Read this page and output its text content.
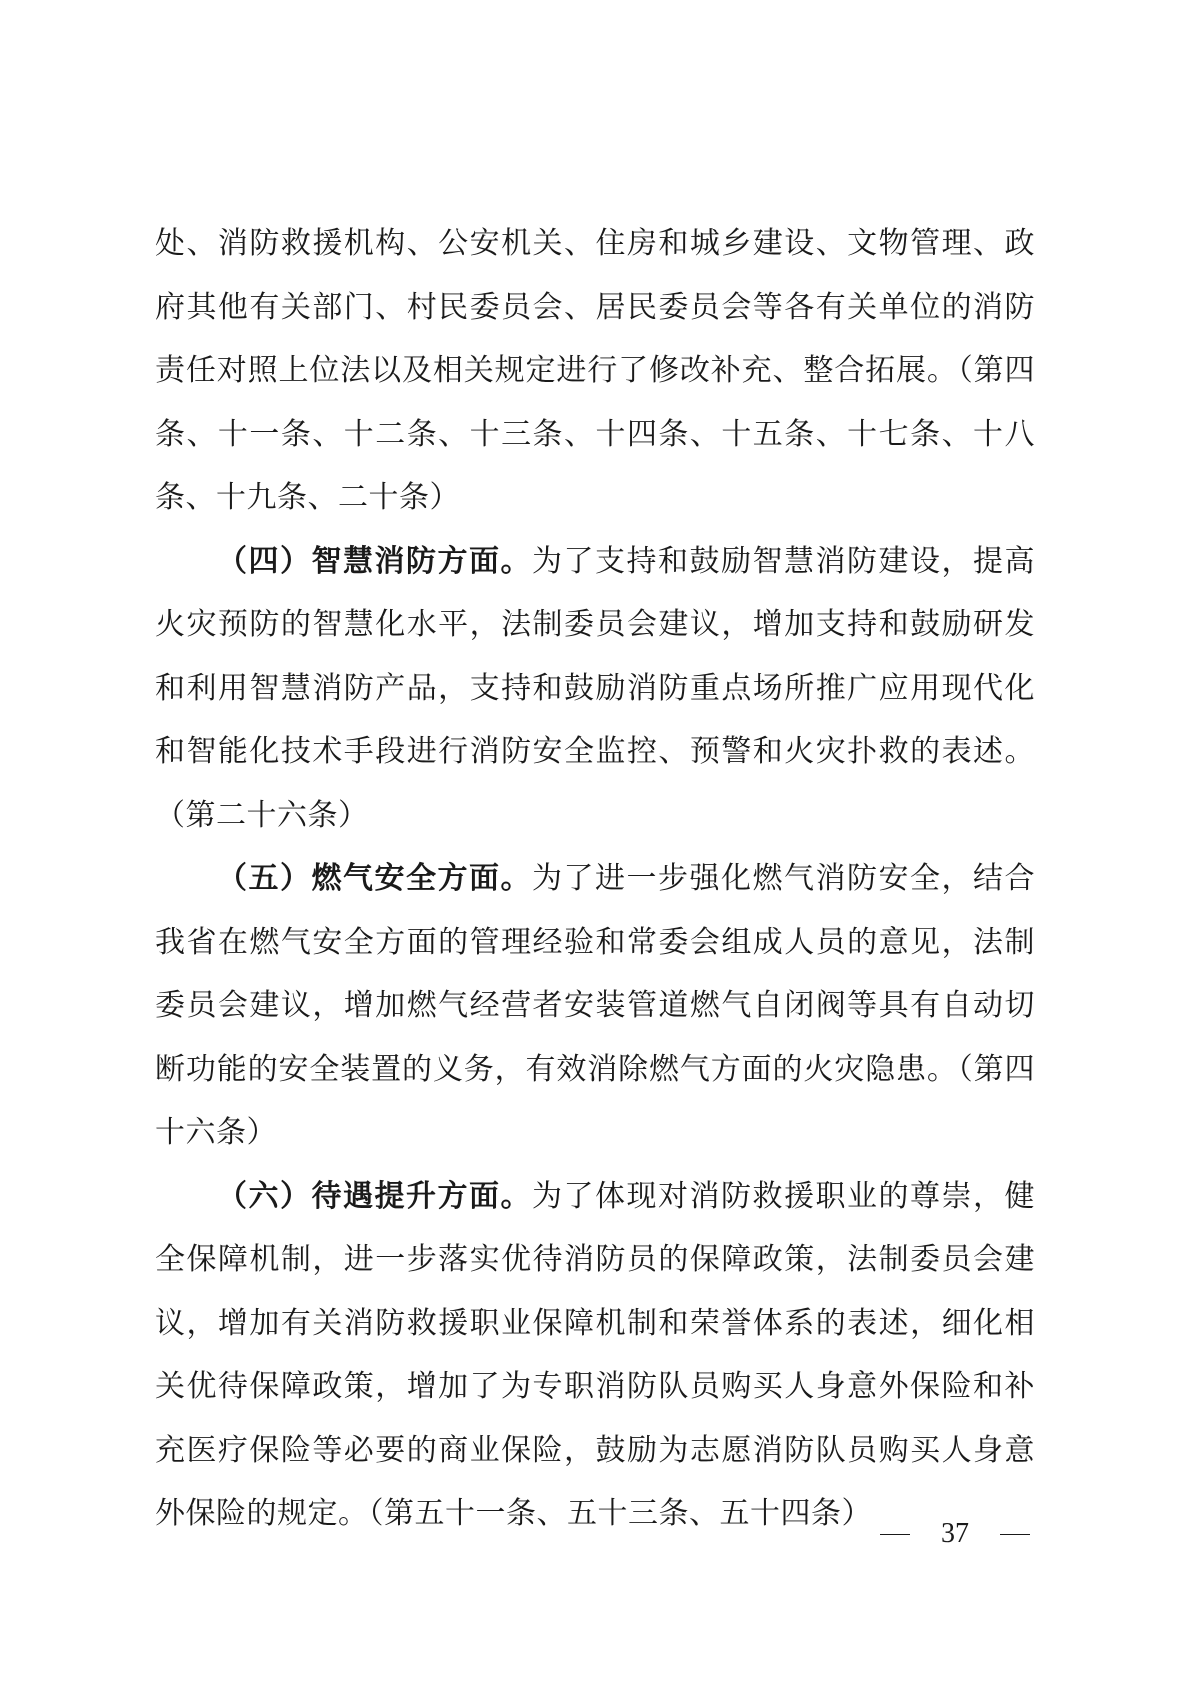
处、消防救援机构、公安机关、住房和城乡建设、文物管理、政府其他有关部门、村民委员会、居民委员会等各有关单位的消防责任对照上位法以及相关规定进行了修改补充、整合拓展。（第四条、十一条、十二条、十三条、十四条、十五条、十七条、十八条、十九条、二十条）

（四）智慧消防方面。为了支持和鼓励智慧消防建设，提高火灾预防的智慧化水平，法制委员会建议，增加支持和鼓励研发和利用智慧消防产品，支持和鼓励消防重点场所推广应用现代化和智能化技术手段进行消防安全监控、预警和火灾扑救的表述。（第二十六条）

（五）燃气安全方面。为了进一步强化燃气消防安全，结合我省在燃气安全方面的管理经验和常委会组成人员的意见，法制委员会建议，增加燃气经营者安装管道燃气自闭阀等具有自动切断功能的安全装置的义务，有效消除燃气方面的火灾隐患。（第四十六条）

（六）待遇提升方面。为了体现对消防救援职业的尊崇，健全保障机制，进一步落实优待消防员的保障政策，法制委员会建议，增加有关消防救援职业保障机制和荣誉体系的表述，细化相关优待保障政策，增加了为专职消防队员购买人身意外保险和补充医疗保险等必要的商业保险，鼓励为志愿消防队员购买人身意外保险的规定。（第五十一条、五十三条、五十四条）

37
